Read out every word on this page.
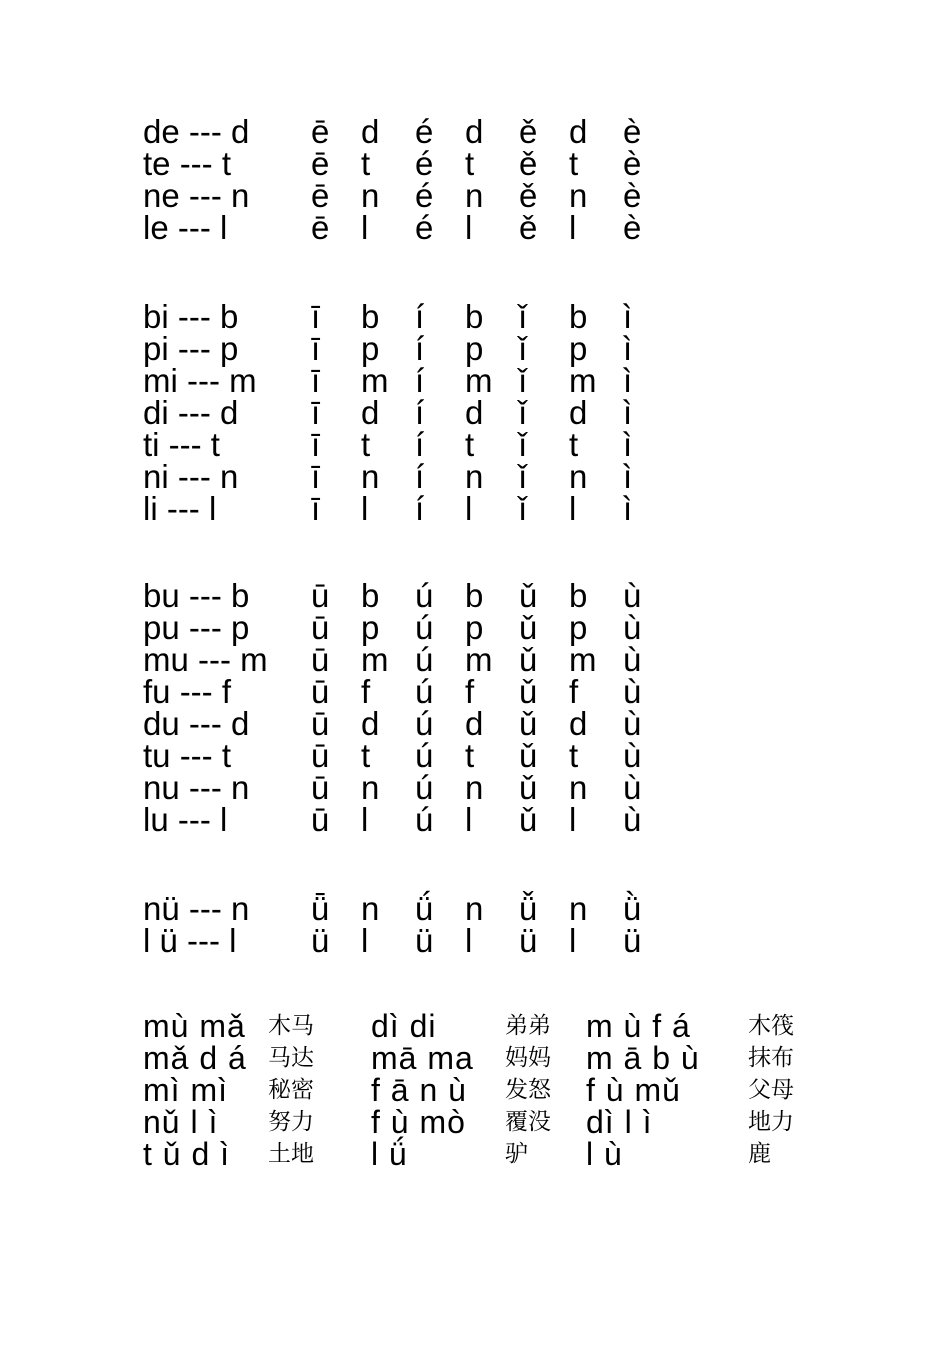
de --- d ē d é d ě d è
te --- t ē t é t ě t è
ne --- n ē n é n ě n è
le --- l	ē l é l ě l è
bi --- b ī b í b ǐ b ì
pi --- p ī p í p ǐ p ì
mi --- m ī m í m ǐ m ì
di --- d ī d í d ǐ d ì
ti --- t	ī t í t ǐ t ì
ni --- n ī n í n ǐ n ì
li --- l	ī l í l ǐ l ì
bu --- b ū b ú b ǔ b ù
pu --- p ū p ú p ǔ p ù
mu --- m ū m ú m ǔ m ù
fu --- f ū f ú f ǔ f ù
du --- d ū d ú d ǔ d ù
tu --- t ū t ú t ǔ t ù
nu --- n ū n ú n ǔ n ù
lu --- l	ū l ú l ǔ l ù
nü --- n ǖ n ǘ n ǚ n ǜ
l ü --- l ü l ü l ü l ü
mù mǎ 木马 dì di	弟弟 m ù f á 木筏
mǎ d á 马达 mā ma 妈妈 m ā b ù 抹布
mì mì 秘密 f ā n ù 发怒 f ù mǔ	父母
nǔ l ì 努力 f ù mò 覆没 dì l ì	地力
t ǔ d ì 土地 l ǘ	驴 l ù	鹿
